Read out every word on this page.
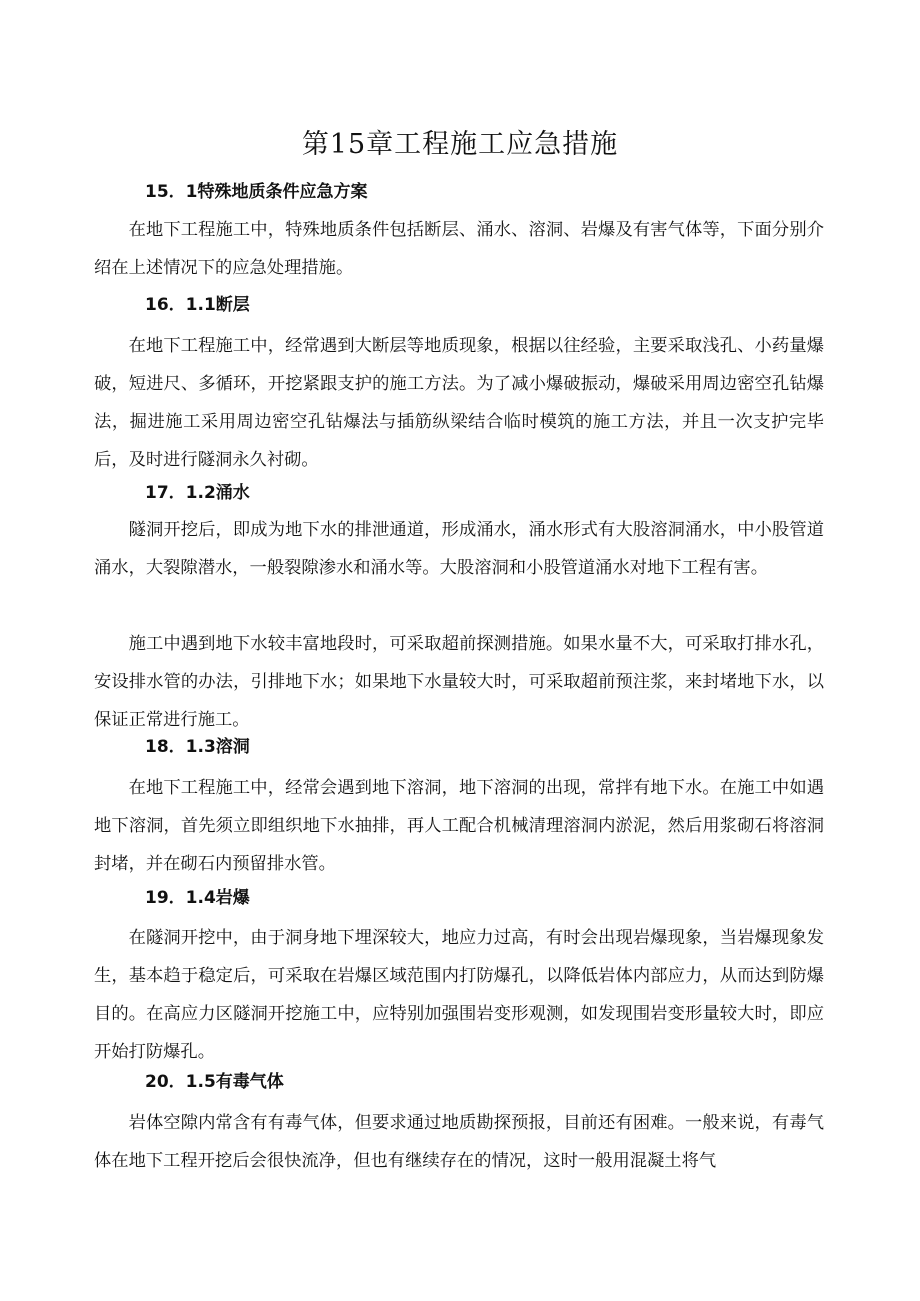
第15章工程施工应急措施
15．1特殊地质条件应急方案

在地下工程施工中，特殊地质条件包括断层、涌水、溶洞、岩爆及有害气体等，下面分别介绍在上述情况下的应急处理措施。

16．1.1断层

在地下工程施工中，经常遇到大断层等地质现象，根据以往经验，主要采取浅孔、小药量爆破，短进尺、多循环，开挖紧跟支护的施工方法。为了减小爆破振动，爆破采用周边密空孔钻爆法，掘进施工采用周边密空孔钻爆法与插筋纵梁结合临时模筑的施工方法，并且一次支护完毕后，及时进行隧洞永久衬砌。

17．1.2涌水

隧洞开挖后，即成为地下水的排泄通道，形成涌水，涌水形式有大股溶洞涌水，中小股管道涌水，大裂隙潜水，一般裂隙渗水和涌水等。大股溶洞和小股管道涌水对地下工程有害。

施工中遇到地下水较丰富地段时，可采取超前探测措施。如果水量不大，可采取打排水孔，安设排水管的办法，引排地下水；如果地下水量较大时，可采取超前预注浆，来封堵地下水，以保证正常进行施工。

18．1.3溶洞

在地下工程施工中，经常会遇到地下溶洞，地下溶洞的出现，常拌有地下水。在施工中如遇地下溶洞，首先须立即组织地下水抽排，再人工配合机械清理溶洞内淤泥，然后用浆砌石将溶洞封堵，并在砌石内预留排水管。

19．1.4岩爆

在隧洞开挖中，由于洞身地下埋深较大，地应力过高，有时会出现岩爆现象，当岩爆现象发生，基本趋于稳定后，可采取在岩爆区域范围内打防爆孔，以降低岩体内部应力，从而达到防爆目的。在高应力区隧洞开挖施工中，应特别加强围岩变形观测，如发现围岩变形量较大时，即应开始打防爆孔。

20．1.5有毒气体

岩体空隙内常含有有毒气体，但要求通过地质勘探预报，目前还有困难。一般来说，有毒气体在地下工程开挖后会很快流净，但也有继续存在的情况，这时一般用混凝土将气
